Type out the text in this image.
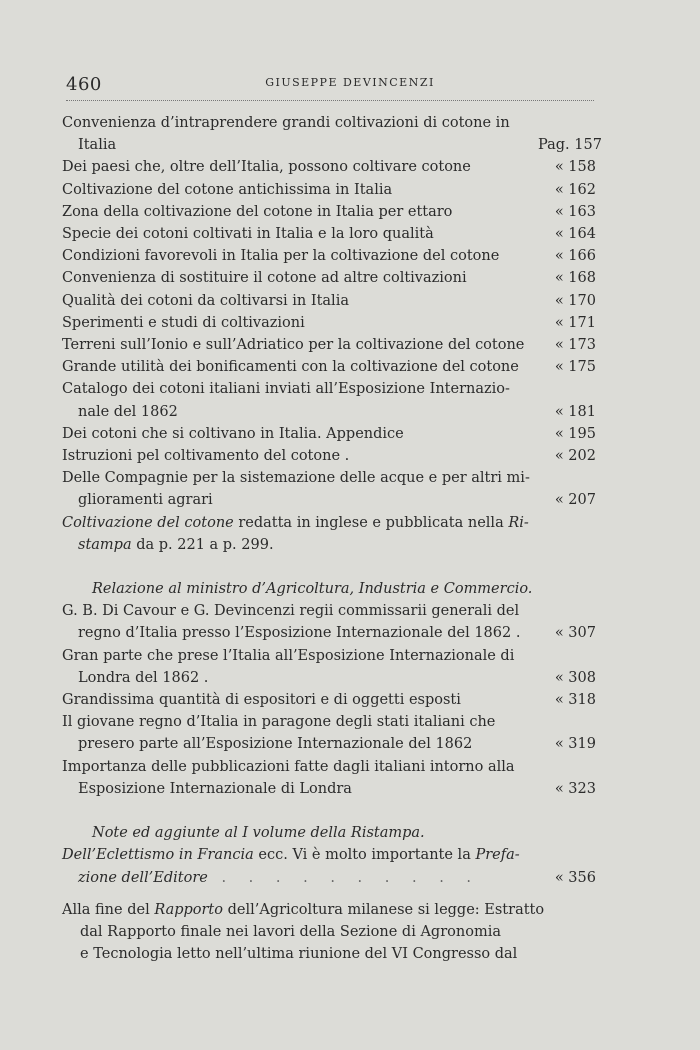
460	GIUSEPPE DEVINCENZI
Convenienza d’intraprendere grandi coltivazioni di cotone in
Italia	Pag. 157
Dei paesi che, oltre dell’Italia, possono coltivare cotone	« 158
Coltivazione del cotone antichissima in Italia	« 162
Zona della coltivazione del cotone in Italia per ettaro	« 163
Specie dei cotoni coltivati in Italia e la loro qualità	« 164
Condizioni favorevoli in Italia per la coltivazione del cotone	« 166
Convenienza di sostituire il cotone ad altre coltivazioni	« 168
Qualità dei cotoni da coltivarsi in Italia	« 170
Sperimenti e studi di coltivazioni	« 171
Terreni sull’Ionio e sull’Adriatico per la coltivazione del cotone	« 173
Grande utilità dei bonificamenti con la coltivazione del cotone	« 175
Catalogo dei cotoni italiani inviati all’Esposizione Internazio-
nale del 1862	« 181
Dei cotoni che si coltivano in Italia. Appendice	« 195
Istruzioni pel coltivamento del cotone .	« 202
Delle Compagnie per la sistemazione delle acque e per altri mi-
glioramenti agrari	« 207
Coltivazione del cotone redatta in inglese e pubblicata nella Ri-
stampa da p. 221 a p. 299.
Relazione al ministro d’Agricoltura, Industria e Commercio.
G. B. Di Cavour e G. Devincenzi regii commissarii generali del
regno d’Italia presso l’Esposizione Internazionale del 1862 .	« 307
Gran parte che prese l’Italia all’Esposizione Internazionale di
Londra del 1862 .	« 308
Grandissima quantità di espositori e di oggetti esposti	« 318
Il giovane regno d’Italia in paragone degli stati italiani che
presero parte all’Esposizione Internazionale del 1862	« 319
Importanza delle pubblicazioni fatte dagli italiani intorno alla
Esposizione Internazionale di Londra	« 323
Note ed aggiunte al I volume della Ristampa.
Dell’Eclettismo in Francia ecc. Vi è molto importante la Prefa-
zione dell’Editore . . . . . . . . . .	« 356
Alla fine del Rapporto dell’Agricoltura milanese si legge: Estratto
dal Rapporto finale nei lavori della Sezione di Agronomia
e Tecnologia letto nell’ultima riunione del VI Congresso dal
